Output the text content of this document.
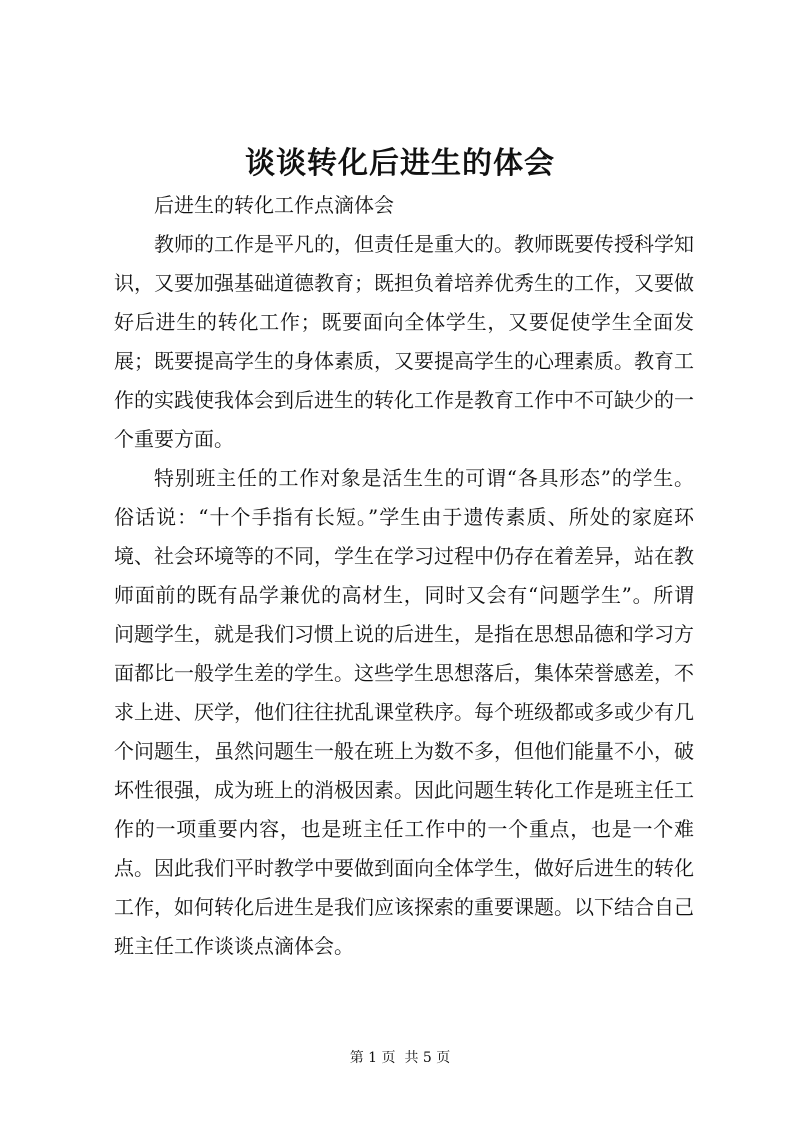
谈谈转化后进生的体会

后进生的转化工作点滴体会

教师的工作是平凡的，但责任是重大的。教师既要传授科学知识，又要加强基础道德教育；既担负着培养优秀生的工作，又要做好后进生的转化工作；既要面向全体学生，又要促使学生全面发展；既要提高学生的身体素质，又要提高学生的心理素质。教育工作的实践使我体会到后进生的转化工作是教育工作中不可缺少的一个重要方面。

特别班主任的工作对象是活生生的可谓“各具形态”的学生。俗话说：“十个手指有长短。”学生由于遗传素质、所处的家庭环境、社会环境等的不同，学生在学习过程中仍存在着差异，站在教师面前的既有品学兼优的高材生，同时又会有“问题学生”。所谓问题学生，就是我们习惯上说的后进生，是指在思想品德和学习方面都比一般学生差的学生。这些学生思想落后，集体荣誉感差，不求上进、厌学，他们往往扰乱课堂秩序。每个班级都或多或少有几个问题生，虽然问题生一般在班上为数不多，但他们能量不小，破坏性很强，成为班上的消极因素。因此问题生转化工作是班主任工作的一项重要内容，也是班主任工作中的一个重点，也是一个难点。因此我们平时教学中要做到面向全体学生，做好后进生的转化工作，如何转化后进生是我们应该探索的重要课题。以下结合自己班主任工作谈谈点滴体会。

第 1 页  共 5 页
